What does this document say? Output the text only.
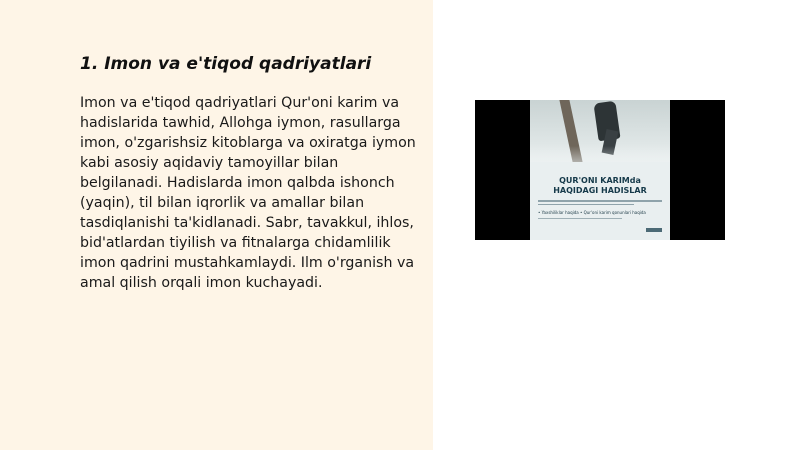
1. Imon va e'tiqod qadriyatlari

Imon va e'tiqod qadriyatlari Qur'oni karim va hadislarida tawhid, Allohga iymon, rasullarga imon, o'zgarishsiz kitoblarga va oxiratga iymon kabi asosiy aqidaviy tamoyillar bilan belgilanadi. Hadislarda imon qalbda ishonch (yaqin), til bilan iqrorlik va amallar bilan tasdiqlanishi ta'kidlanadi. Sabr, tavakkul, ihlos, bid'atlardan tiyilish va fitnalarga chidamlilik imon qadrini mustahkamlaydi. Ilm o'rganish va amal qilish orqali imon kuchayadi.

QUR'ONI KARIMda

HAQIDAGI HADISLAR

• Yaxshiliklar haqida • Qur'oni karim qonunlari haqida
